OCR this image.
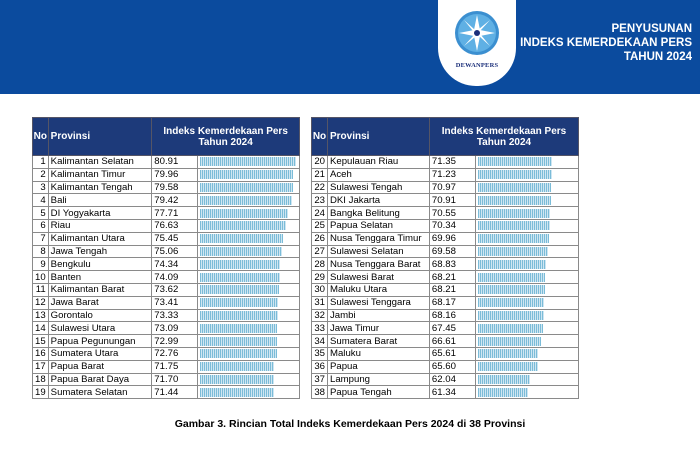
DEWANPERS
PENYUSUNAN
INDEKS KEMERDEKAAN PERS
TAHUN 2024
No	Provinsi	Indeks Kemerdekaan Pers
Tahun 2024	

1	Kalimantan Selatan	80.91	

2	Kalimantan Timur	79.96	

3	Kalimantan Tengah	79.58	

4	Bali	79.42	

5	DI Yogyakarta	77.71	

6	Riau	76.63	

7	Kalimantan Utara	75.45	

8	Jawa Tengah	75.06	

9	Bengkulu	74.34	

10	Banten	74.09	

11	Kalimantan Barat	73.62	

12	Jawa Barat	73.41	

13	Gorontalo	73.33	

14	Sulawesi Utara	73.09	

15	Papua Pegunungan	72.99	

16	Sumatera Utara	72.76	

17	Papua Barat	71.75	

18	Papua Barat Daya	71.70	

19	Sumatera Selatan	71.44	
No	Provinsi	Indeks Kemerdekaan Pers
Tahun 2024	

20	Kepulauan Riau	71.35	

21	Aceh	71.23	

22	Sulawesi Tengah	70.97	

23	DKI Jakarta	70.91	

24	Bangka Belitung	70.55	

25	Papua Selatan	70.34	

26	Nusa Tenggara Timur	69.96	

27	Sulawesi Selatan	69.58	

28	Nusa Tenggara Barat	68.83	

29	Sulawesi Barat	68.21	

30	Maluku Utara	68.21	

31	Sulawesi Tenggara	68.17	

32	Jambi	68.16	

33	Jawa Timur	67.45	

34	Sumatera Barat	66.61	

35	Maluku	65.61	

36	Papua	65.60	

37	Lampung	62.04	

38	Papua Tengah	61.34	
Gambar 3. Rincian Total Indeks Kemerdekaan Pers 2024 di 38 Provinsi
